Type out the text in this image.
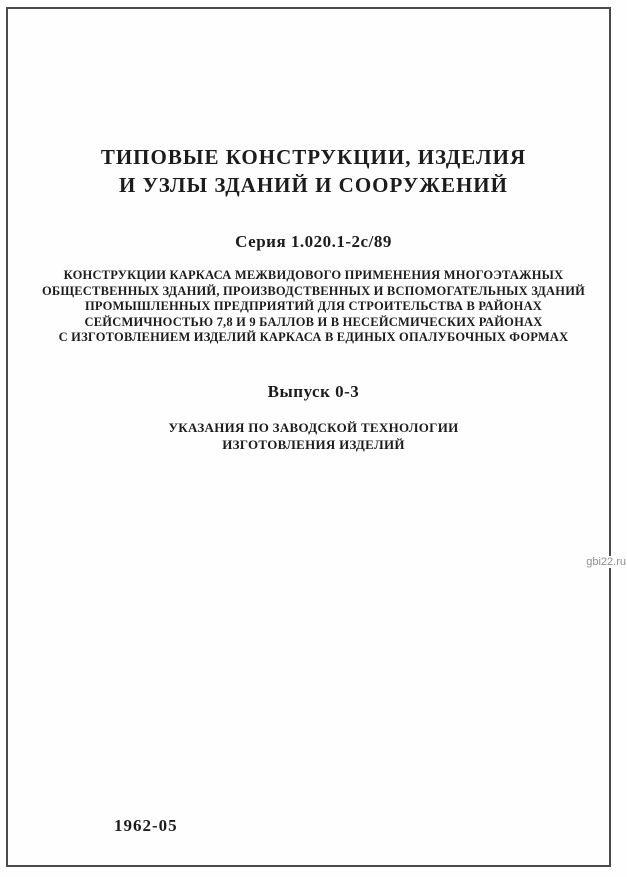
ТИПОВЫЕ КОНСТРУКЦИИ, ИЗДЕЛИЯ
И УЗЛЫ ЗДАНИЙ И СООРУЖЕНИЙ
Серия 1.020.1-2с/89
КОНСТРУКЦИИ КАРКАСА МЕЖВИДОВОГО ПРИМЕНЕНИЯ МНОГОЭТАЖНЫХ
ОБЩЕСТВЕННЫХ ЗДАНИЙ, ПРОИЗВОДСТВЕННЫХ И ВСПОМОГАТЕЛЬНЫХ ЗДАНИЙ
ПРОМЫШЛЕННЫХ ПРЕДПРИЯТИЙ ДЛЯ СТРОИТЕЛЬСТВА В РАЙОНАХ
СЕЙСМИЧНОСТЬЮ 7,8 И 9 БАЛЛОВ И В НЕСЕЙСМИЧЕСКИХ РАЙОНАХ
С ИЗГОТОВЛЕНИЕМ ИЗДЕЛИЙ КАРКАСА В ЕДИНЫХ ОПАЛУБОЧНЫХ ФОРМАХ
Выпуск 0-3
УКАЗАНИЯ ПО ЗАВОДСКОЙ ТЕХНОЛОГИИ
ИЗГОТОВЛЕНИЯ ИЗДЕЛИЙ
gbi22.ru
1962-05
